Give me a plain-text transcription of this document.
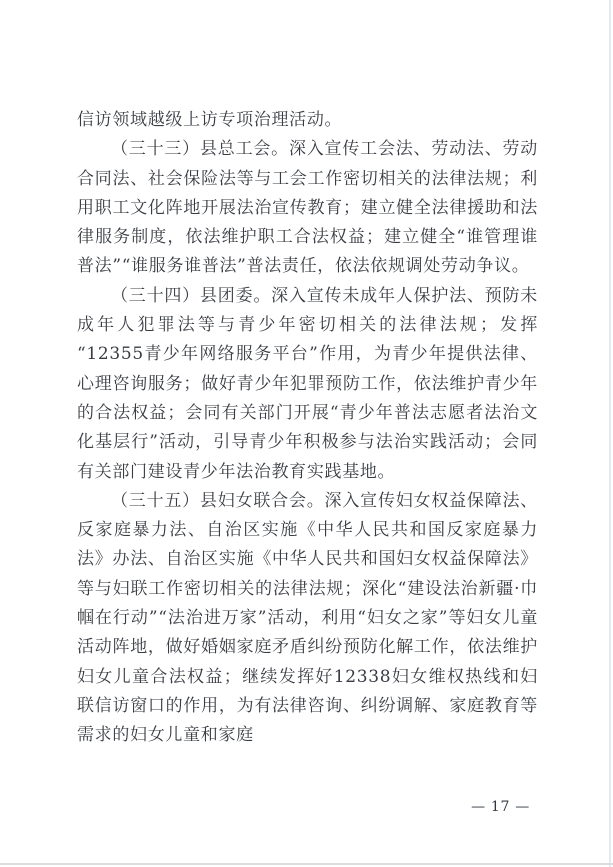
信访领域越级上访专项治理活动。

（三十三）县总工会。深入宣传工会法、劳动法、劳动合同法、社会保险法等与工会工作密切相关的法律法规；利用职工文化阵地开展法治宣传教育；建立健全法律援助和法律服务制度，依法维护职工合法权益；建立健全“谁管理谁普法”“谁服务谁普法”普法责任，依法依规调处劳动争议。

（三十四）县团委。深入宣传未成年人保护法、预防未成年人犯罪法等与青少年密切相关的法律法规；发挥“12355青少年网络服务平台”作用，为青少年提供法律、心理咨询服务；做好青少年犯罪预防工作，依法维护青少年的合法权益；会同有关部门开展“青少年普法志愿者法治文化基层行”活动，引导青少年积极参与法治实践活动；会同有关部门建设青少年法治教育实践基地。

（三十五）县妇女联合会。深入宣传妇女权益保障法、反家庭暴力法、自治区实施《中华人民共和国反家庭暴力法》办法、自治区实施《中华人民共和国妇女权益保障法》等与妇联工作密切相关的法律法规；深化“建设法治新疆·巾帼在行动”“法治进万家”活动，利用“妇女之家”等妇女儿童活动阵地，做好婚姻家庭矛盾纠纷预防化解工作，依法维护妇女儿童合法权益；继续发挥好12338妇女维权热线和妇联信访窗口的作用，为有法律咨询、纠纷调解、家庭教育等需求的妇女儿童和家庭

— 17 —
